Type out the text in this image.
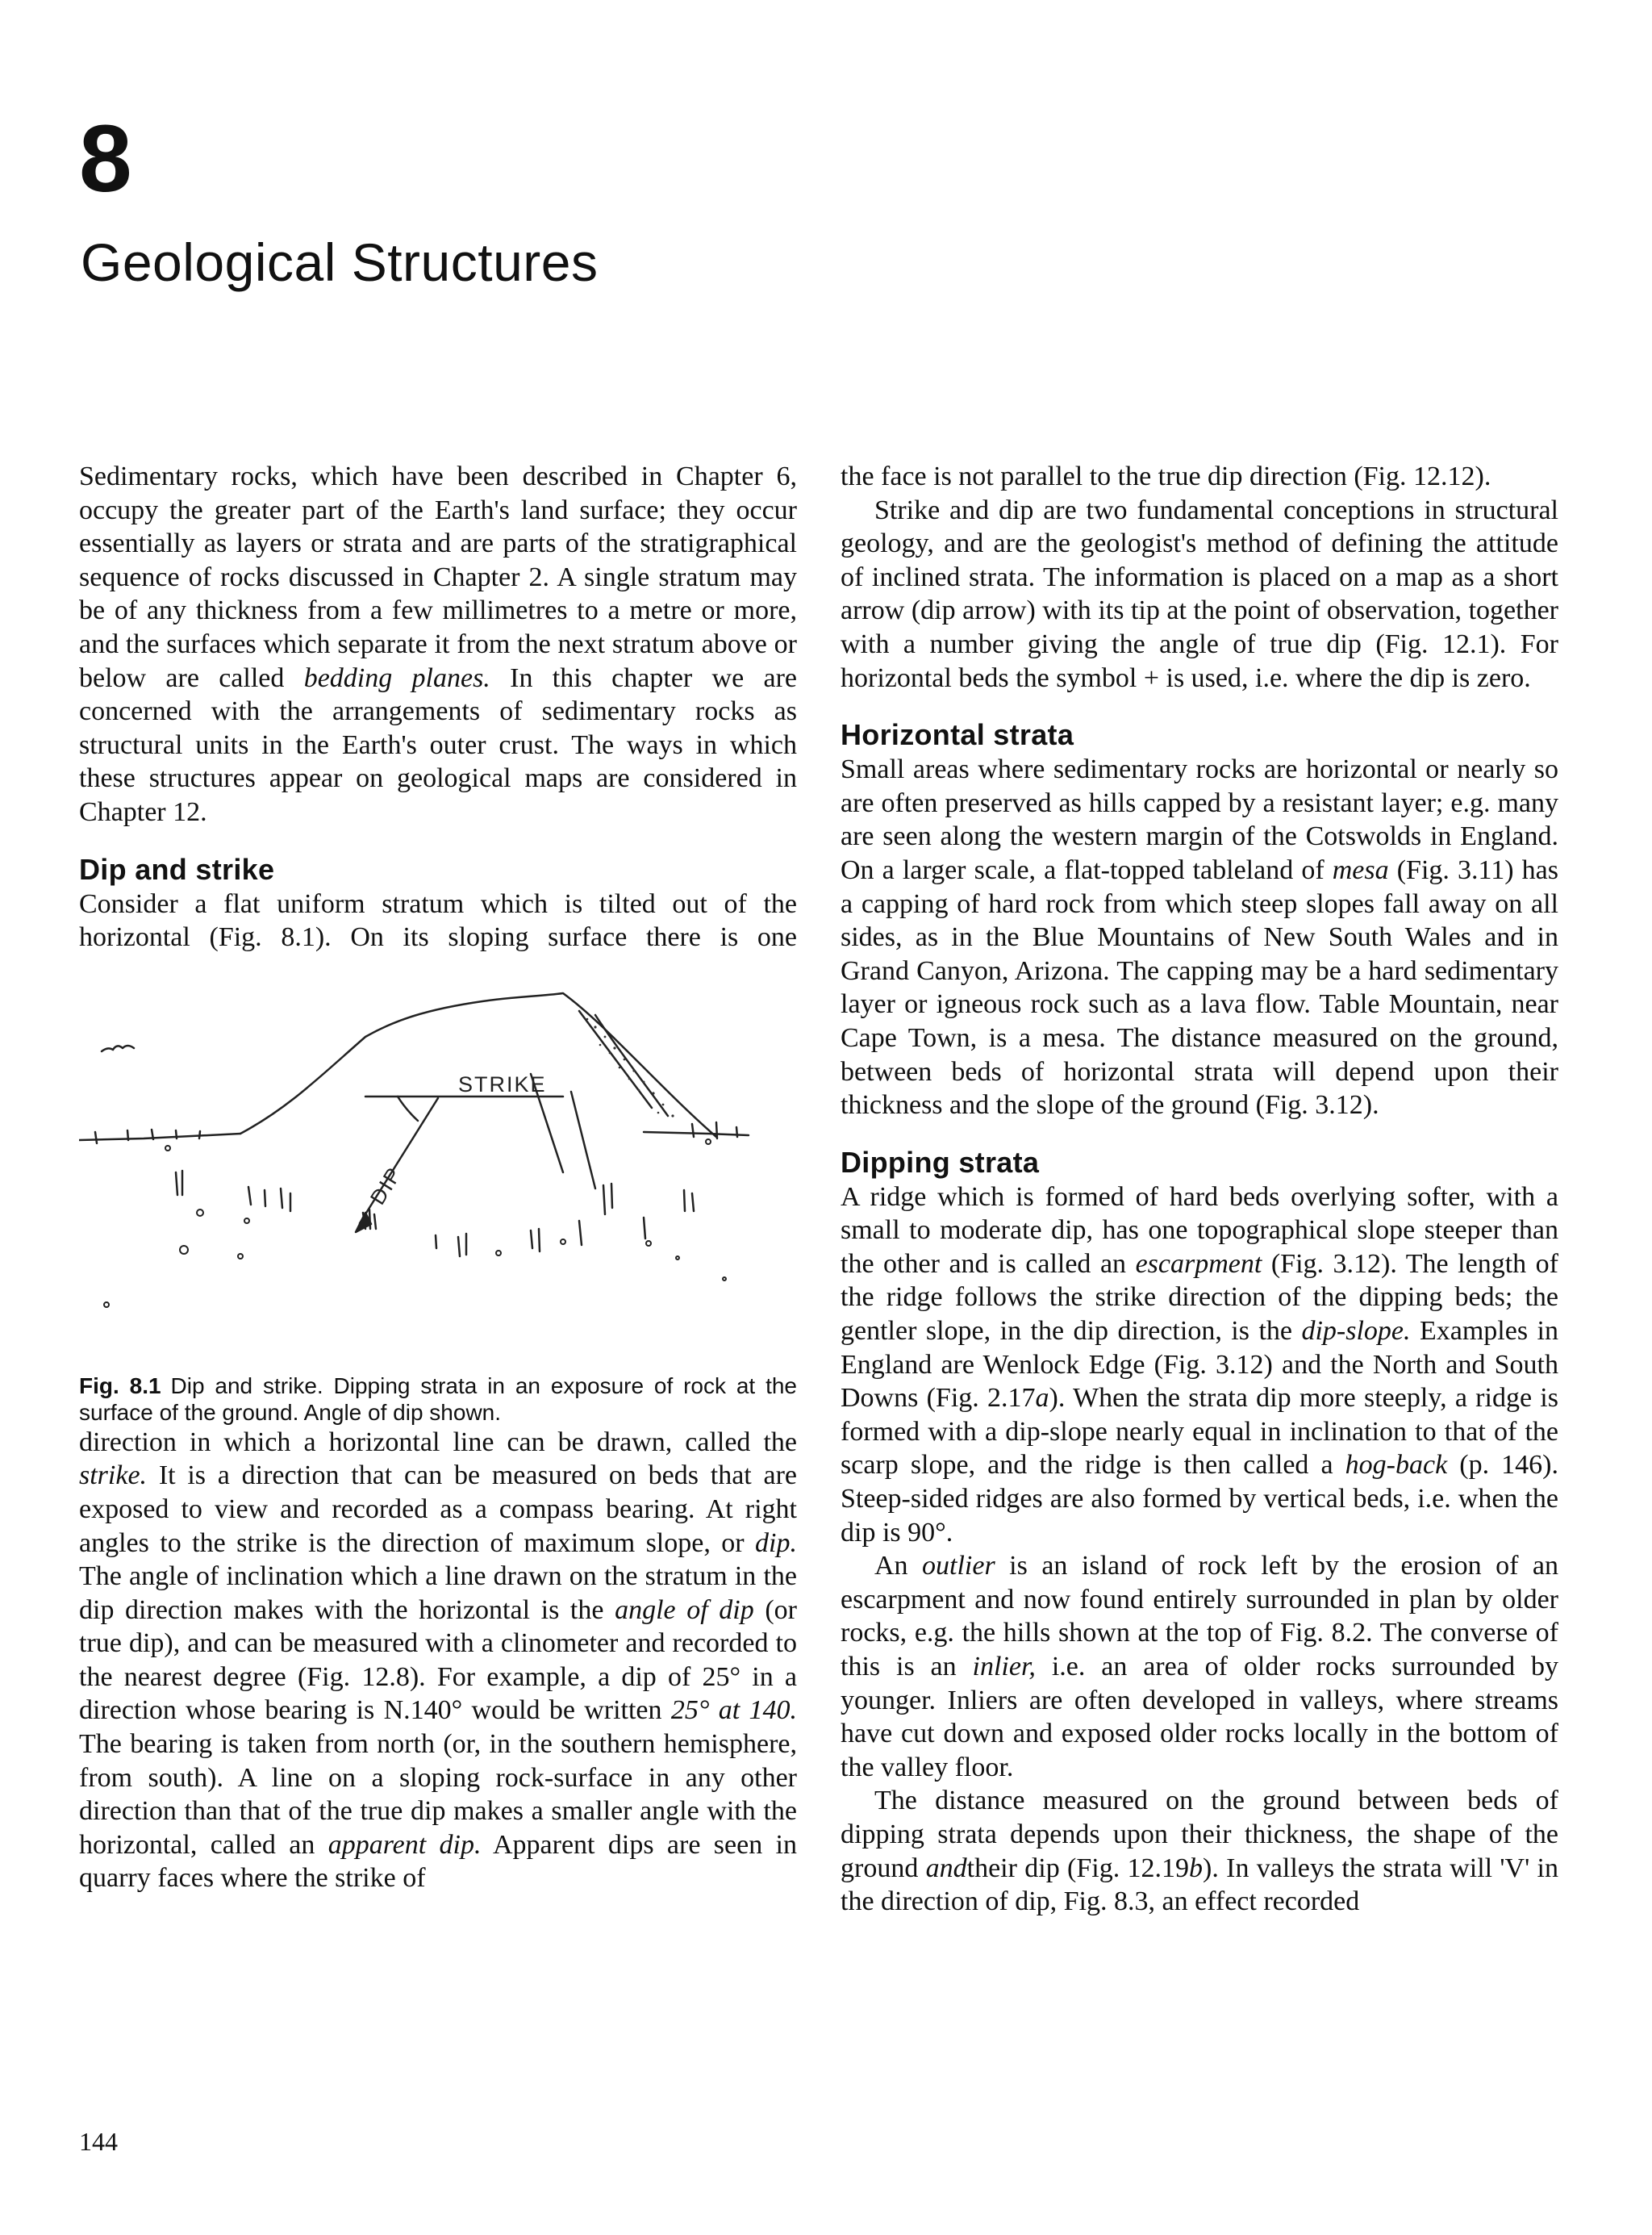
8
Geological Structures

Sedimentary rocks, which have been described in Chapter 6, occupy the greater part of the Earth's land surface; they occur essentially as layers or strata and are parts of the stratigraphical sequence of rocks discussed in Chapter 2. A single stratum may be of any thickness from a few millimetres to a metre or more, and the surfaces which separate it from the next stratum above or below are called bedding planes. In this chapter we are concerned with the arrangements of sedimentary rocks as structural units in the Earth's outer crust. The ways in which these structures appear on geological maps are considered in Chapter 12.

Dip and strike

Consider a flat uniform stratum which is tilted out of the horizontal (Fig. 8.1). On its sloping surface there is one

STRIKE
DIP

Fig. 8.1 Dip and strike. Dipping strata in an exposure of rock at the surface of the ground. Angle of dip shown.

direction in which a horizontal line can be drawn, called the strike. It is a direction that can be measured on beds that are exposed to view and recorded as a compass bearing. At right angles to the strike is the direction of maximum slope, or dip. The angle of inclination which a line drawn on the stratum in the dip direction makes with the horizontal is the angle of dip (or true dip), and can be measured with a clinometer and recorded to the nearest degree (Fig. 12.8). For example, a dip of 25° in a direction whose bearing is N.140° would be written 25° at 140. The bearing is taken from north (or, in the southern hemisphere, from south). A line on a sloping rock-surface in any other direction than that of the true dip makes a smaller angle with the horizontal, called an apparent dip. Apparent dips are seen in quarry faces where the strike of

the face is not parallel to the true dip direction (Fig. 12.12).

Strike and dip are two fundamental conceptions in structural geology, and are the geologist's method of defining the attitude of inclined strata. The information is placed on a map as a short arrow (dip arrow) with its tip at the point of observation, together with a number giving the angle of true dip (Fig. 12.1). For horizontal beds the symbol + is used, i.e. where the dip is zero.

Horizontal strata

Small areas where sedimentary rocks are horizontal or nearly so are often preserved as hills capped by a resistant layer; e.g. many are seen along the western margin of the Cotswolds in England. On a larger scale, a flat-topped tableland of mesa (Fig. 3.11) has a capping of hard rock from which steep slopes fall away on all sides, as in the Blue Mountains of New South Wales and in Grand Canyon, Arizona. The capping may be a hard sedimentary layer or igneous rock such as a lava flow. Table Mountain, near Cape Town, is a mesa. The distance measured on the ground, between beds of horizontal strata will depend upon their thickness and the slope of the ground (Fig. 3.12).

Dipping strata

A ridge which is formed of hard beds overlying softer, with a small to moderate dip, has one topographical slope steeper than the other and is called an escarpment (Fig. 3.12). The length of the ridge follows the strike direction of the dipping beds; the gentler slope, in the dip direction, is the dip-slope. Examples in England are Wenlock Edge (Fig. 3.12) and the North and South Downs (Fig. 2.17a). When the strata dip more steeply, a ridge is formed with a dip-slope nearly equal in inclination to that of the scarp slope, and the ridge is then called a hog-back (p. 146). Steep-sided ridges are also formed by vertical beds, i.e. when the dip is 90°.

An outlier is an island of rock left by the erosion of an escarpment and now found entirely surrounded in plan by older rocks, e.g. the hills shown at the top of Fig. 8.2. The converse of this is an inlier, i.e. an area of older rocks surrounded by younger. Inliers are often developed in valleys, where streams have cut down and exposed older rocks locally in the bottom of the valley floor.

The distance measured on the ground between beds of dipping strata depends upon their thickness, the shape of the ground andtheir dip (Fig. 12.19b). In valleys the strata will 'V' in the direction of dip, Fig. 8.3, an effect recorded

144
